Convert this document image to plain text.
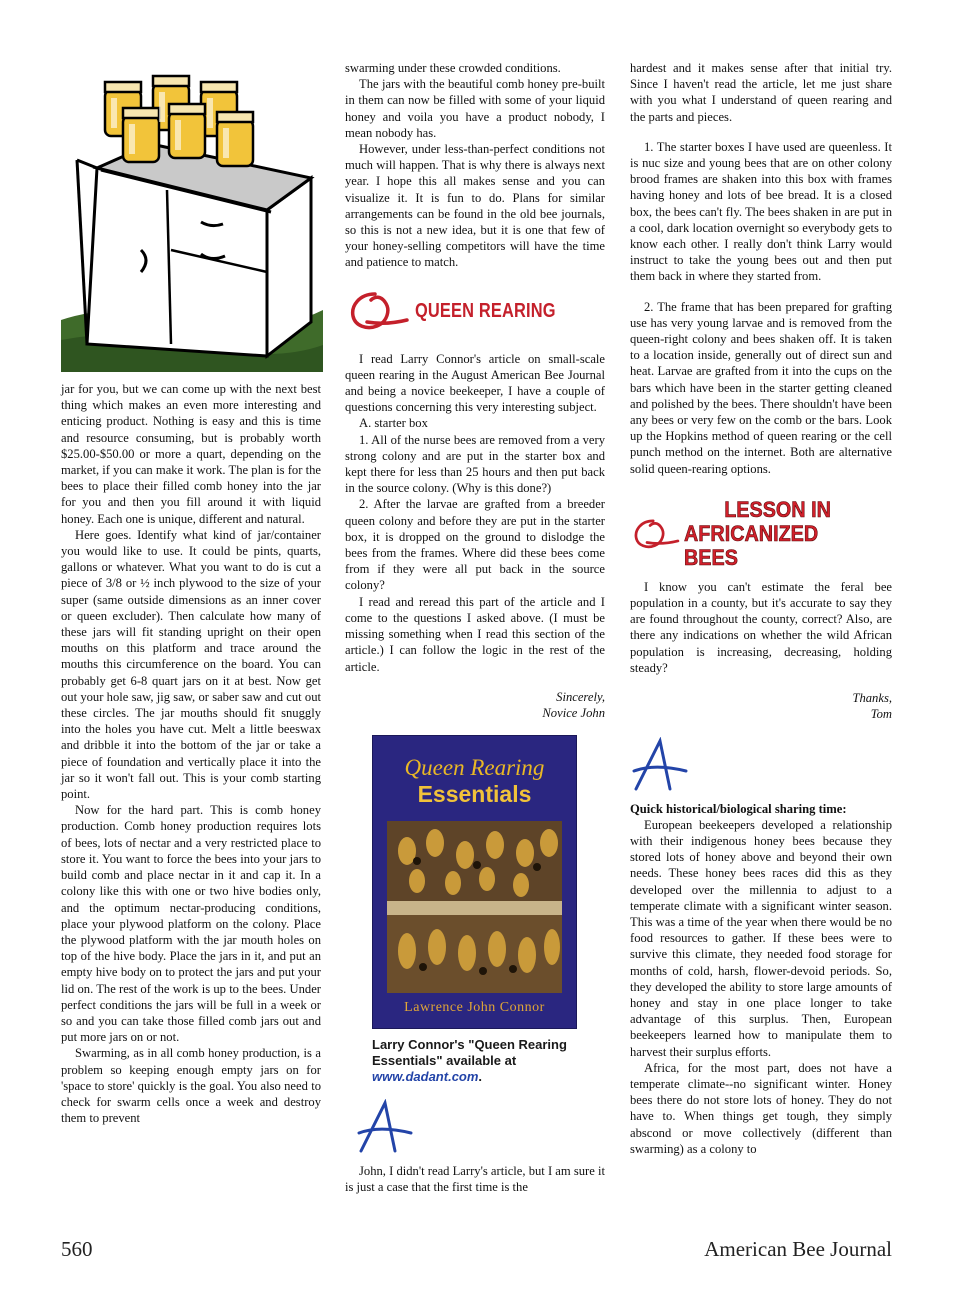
jar for you, but we can come up with the next best thing which makes an even more interesting and enticing product. Nothing is easy and this is time and resource consuming, but is probably worth $25.00-$50.00 or more a quart, depending on the market, if you can make it work. The plan is for the bees to place their filled comb honey into the jar for you and then you fill around it with liquid honey. Each one is unique, different and natural.

Here goes. Identify what kind of jar/container you would like to use. It could be pints, quarts, gallons or whatever. What you want to do is cut a piece of 3/8 or ½ inch plywood to the size of your super (same outside dimensions as an inner cover or queen excluder). Then calculate how many of these jars will fit standing upright on their open mouths on this platform and trace around the mouths this circumference on the board. You can probably get 6-8 quart jars on it at best. Now get out your hole saw, jig saw, or saber saw and cut out these circles. The jar mouths should fit snuggly into the holes you have cut. Melt a little beeswax and dribble it into the bottom of the jar or take a piece of foundation and vertically place it into the jar so it won't fall out. This is your comb starting point.

Now for the hard part. This is comb honey production. Comb honey production requires lots of bees, lots of nectar and a very restricted place to store it. You want to force the bees into your jars to build comb and place nectar in it and cap it. In a colony like this with one or two hive bodies only, and the optimum nectar-producing conditions, place your plywood platform on the colony. Place the plywood platform with the jar mouth holes on top of the hive body. Place the jars in it, and put an empty hive body on to protect the jars and put your lid on. The rest of the work is up to the bees. Under perfect conditions the jars will be full in a week or so and you can take those filled comb jars out and put more jars on or not.

Swarming, as in all comb honey production, is a problem so keeping enough empty jars on for 'space to store' quickly is the goal. You also need to check for swarm cells once a week and destroy them to prevent

swarming under these crowded conditions.

The jars with the beautiful comb honey pre-built in them can now be filled with some of your liquid honey and voila you have a product nobody, I mean nobody has.

However, under less-than-perfect conditions not much will happen. That is why there is always next year. I hope this all makes sense and you can visualize it. It is fun to do. Plans for similar arrangements can be found in the old bee journals, so this is not a new idea, but it is one that few of your honey-selling competitors will have the time and patience to match.

QUEEN REARING

I read Larry Connor's article on small-scale queen rearing in the August American Bee Journal and being a novice beekeeper, I have a couple of questions concerning this very interesting subject.

A. starter box

1. All of the nurse bees are removed from a very strong colony and are put in the starter box and kept there for less than 25 hours and then put back in the source colony. (Why is this done?)

2. After the larvae are grafted from a breeder queen colony and before they are put in the starter box, it is dropped on the ground to dislodge the bees from the frames. Where did these bees come from if they were all put back in the source colony?

I read and reread this part of the article and I come to the questions I asked above. (I must be missing something when I read this section of the article.) I can follow the logic in the rest of the article.

Sincerely,
Novice John
Queen Rearing
Essentials
Lawrence John Connor
Larry Connor's "Queen Rearing Essentials" available at www.dadant.com.

John, I didn't read Larry's article, but I am sure it is just a case that the first time is the

hardest and it makes sense after that initial try. Since I haven't read the article, let me just share with you what I understand of queen rearing and the parts and pieces.

1. The starter boxes I have used are queenless. It is nuc size and young bees that are on other colony brood frames are shaken into this box with frames having honey and lots of bee bread. It is a closed box, the bees can't fly. The bees shaken in are put in a cool, dark location overnight so everybody gets to know each other. I really don't think Larry would instruct to take the young bees out and then put them back in where they started from.

2. The frame that has been prepared for grafting use has very young larvae and is removed from the queen-right colony and bees shaken off. It is taken to a location inside, generally out of direct sun and heat. Larvae are grafted from it into the cups on the bars which have been in the starter getting cleaned and polished by the bees. There shouldn't have been any bees or very few on the comb or the bars. Look up the Hopkins method of queen rearing or the cell punch method on the internet. Both are alternative solid queen-rearing options.

LESSON IN
AFRICANIZED BEES

I know you can't estimate the feral bee population in a county, but it's accurate to say they are found throughout the county, correct? Also, are there any indications on whether the wild African population is increasing, decreasing, holding steady?

Thanks,
Tom

Quick historical/biological sharing time:

European beekeepers developed a relationship with their indigenous honey bees because they stored lots of honey above and beyond their own needs. These honey bees races did this as they developed over the millennia to adjust to a temperate climate with a significant winter season. This was a time of the year when there would be no food resources to gather. If these bees were to survive this climate, they needed food storage for months of cold, harsh, flower-devoid periods. So, they developed the ability to store large amounts of honey and stay in one place longer to take advantage of this surplus. Then, European beekeepers learned how to manipulate them to harvest their surplus efforts.

Africa, for the most part, does not have a temperate climate--no significant winter. Honey bees there do not store lots of honey. They do not have to. When things get tough, they simply abscond or move collectively (different than swarming) as a colony to

560	American Bee Journal
